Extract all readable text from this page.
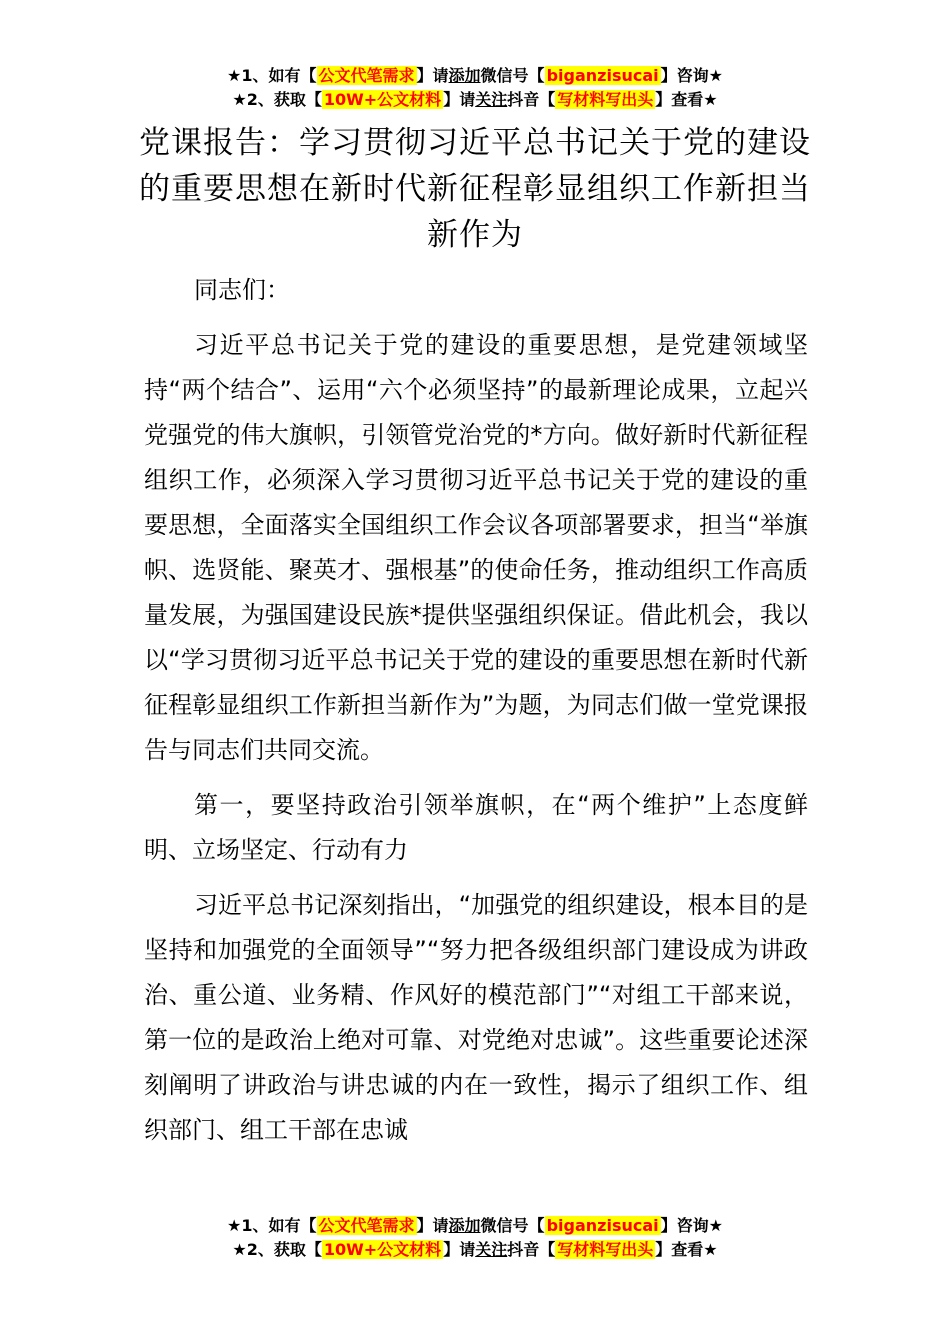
★1、如有【 公文代笔需求 】请添加微信号【 biganzisucai 】咨询★
★2、获取【 10W+公文材料 】请关注抖音【 写材料写出头 】查看★
党课报告：学习贯彻习近平总书记关于党的建设的重要思想在新时代新征程彰显组织工作新担当新作为

同志们：

习近平总书记关于党的建设的重要思想，是党建领域坚持“两个结合”、运用“六个必须坚持”的最新理论成果，立起兴党强党的伟大旗帜，引领管党治党的*方向。做好新时代新征程组织工作，必须深入学习贯彻习近平总书记关于党的建设的重要思想，全面落实全国组织工作会议各项部署要求，担当“举旗帜、选贤能、聚英才、强根基”的使命任务，推动组织工作高质量发展，为强国建设民族*提供坚强组织保证。借此机会，我以以“学习贯彻习近平总书记关于党的建设的重要思想在新时代新征程彰显组织工作新担当新作为”为题，为同志们做一堂党课报告与同志们共同交流。

第一，要坚持政治引领举旗帜，在“两个维护”上态度鲜明、立场坚定、行动有力

习近平总书记深刻指出，“加强党的组织建设，根本目的是坚持和加强党的全面领导”“努力把各级组织部门建设成为讲政治、重公道、业务精、作风好的模范部门”“对组工干部来说，第一位的是政治上绝对可靠、对党绝对忠诚”。这些重要论述深刻阐明了讲政治与讲忠诚的内在一致性，揭示了组织工作、组织部门、组工干部在忠诚

★1、如有【 公文代笔需求 】请添加微信号【 biganzisucai 】咨询★
★2、获取【 10W+公文材料 】请关注抖音【 写材料写出头 】查看★
